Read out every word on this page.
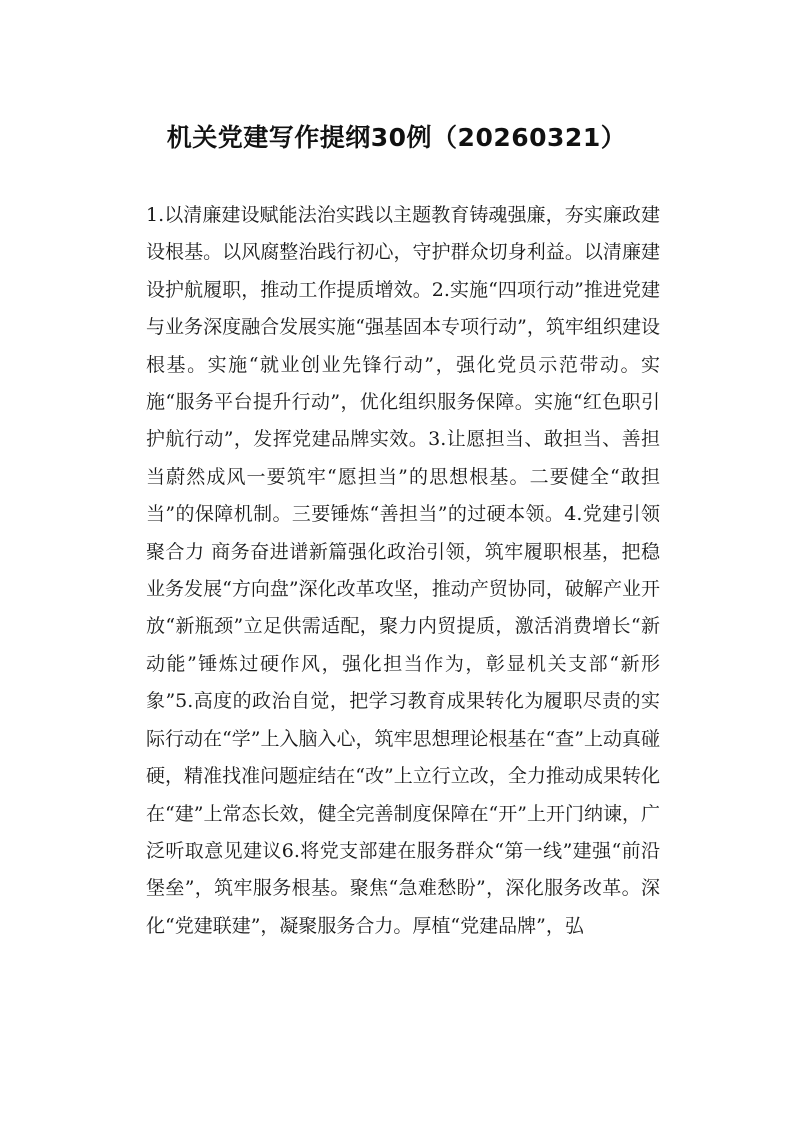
机关党建写作提纲30例（20260321）

1.以清廉建设赋能法治实践以主题教育铸魂强廉，夯实廉政建设根基。以风腐整治践行初心，守护群众切身利益。以清廉建设护航履职，推动工作提质增效。2.实施“四项行动”推进党建与业务深度融合发展实施“强基固本专项行动”，筑牢组织建设根基。实施“就业创业先锋行动”，强化党员示范带动。实施“服务平台提升行动”，优化组织服务保障。实施“红色职引护航行动”，发挥党建品牌实效。3.让愿担当、敢担当、善担当蔚然成风一要筑牢“愿担当”的思想根基。二要健全“敢担当”的保障机制。三要锤炼“善担当”的过硬本领。4.党建引领聚合力 商务奋进谱新篇强化政治引领，筑牢履职根基，把稳业务发展“方向盘”深化改革攻坚，推动产贸协同，破解产业开放“新瓶颈”立足供需适配，聚力内贸提质，激活消费增长“新动能”锤炼过硬作风，强化担当作为，彰显机关支部“新形象”5.高度的政治自觉，把学习教育成果转化为履职尽责的实际行动在“学”上入脑入心，筑牢思想理论根基在“查”上动真碰硬，精准找准问题症结在“改”上立行立改，全力推动成果转化在“建”上常态长效，健全完善制度保障在“开”上开门纳谏，广泛听取意见建议6.将党支部建在服务群众“第一线”建强“前沿堡垒”，筑牢服务根基。聚焦“急难愁盼”，深化服务改革。深化“党建联建”，凝聚服务合力。厚植“党建品牌”，弘
